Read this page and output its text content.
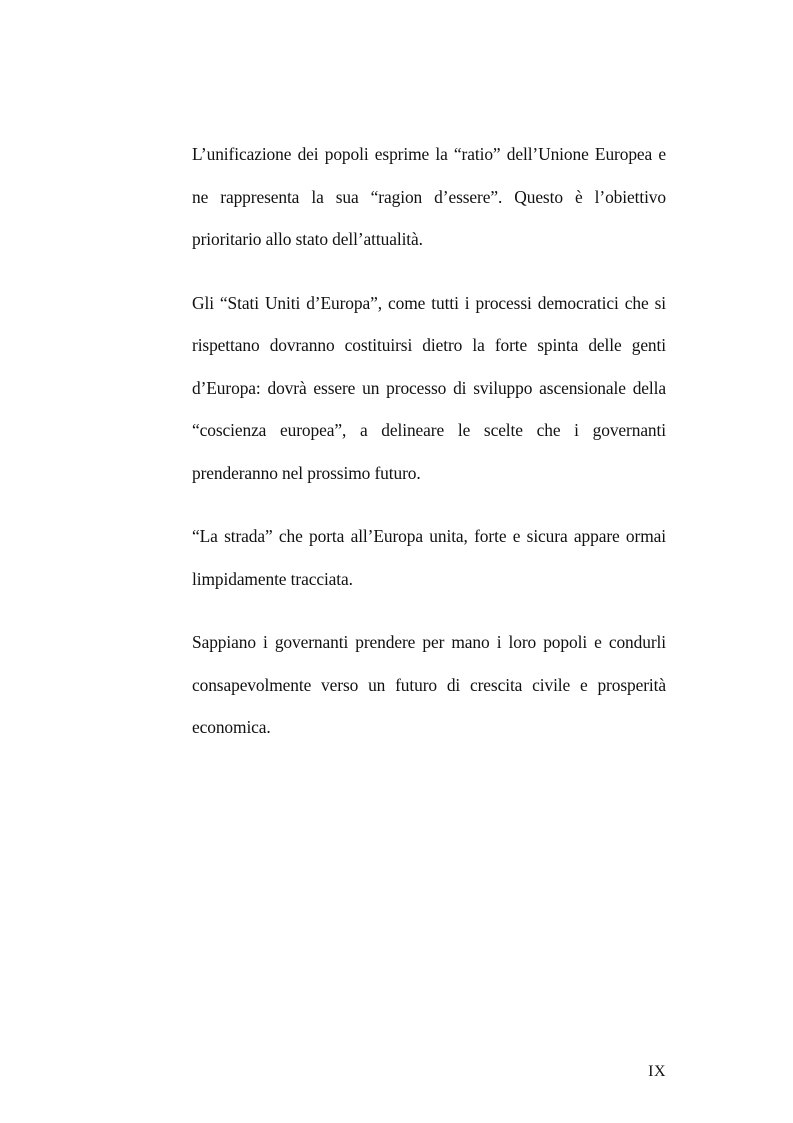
L’unificazione dei popoli esprime la “ratio” dell’Unione Europea e ne rappresenta la sua “ragion d’essere”. Questo è l’obiettivo prioritario allo stato dell’attualità.

Gli “Stati Uniti d’Europa”, come tutti i processi democratici che si rispettano dovranno costituirsi dietro la forte spinta delle genti d’Europa: dovrà essere un processo di sviluppo ascensionale della “coscienza europea”, a delineare le scelte che i governanti prenderanno nel prossimo futuro.

“La strada” che porta all’Europa unita, forte e sicura appare ormai limpidamente tracciata.

Sappiano i governanti prendere per mano i loro popoli e condurli consapevolmente verso un futuro di crescita civile e prosperità economica.

IX
